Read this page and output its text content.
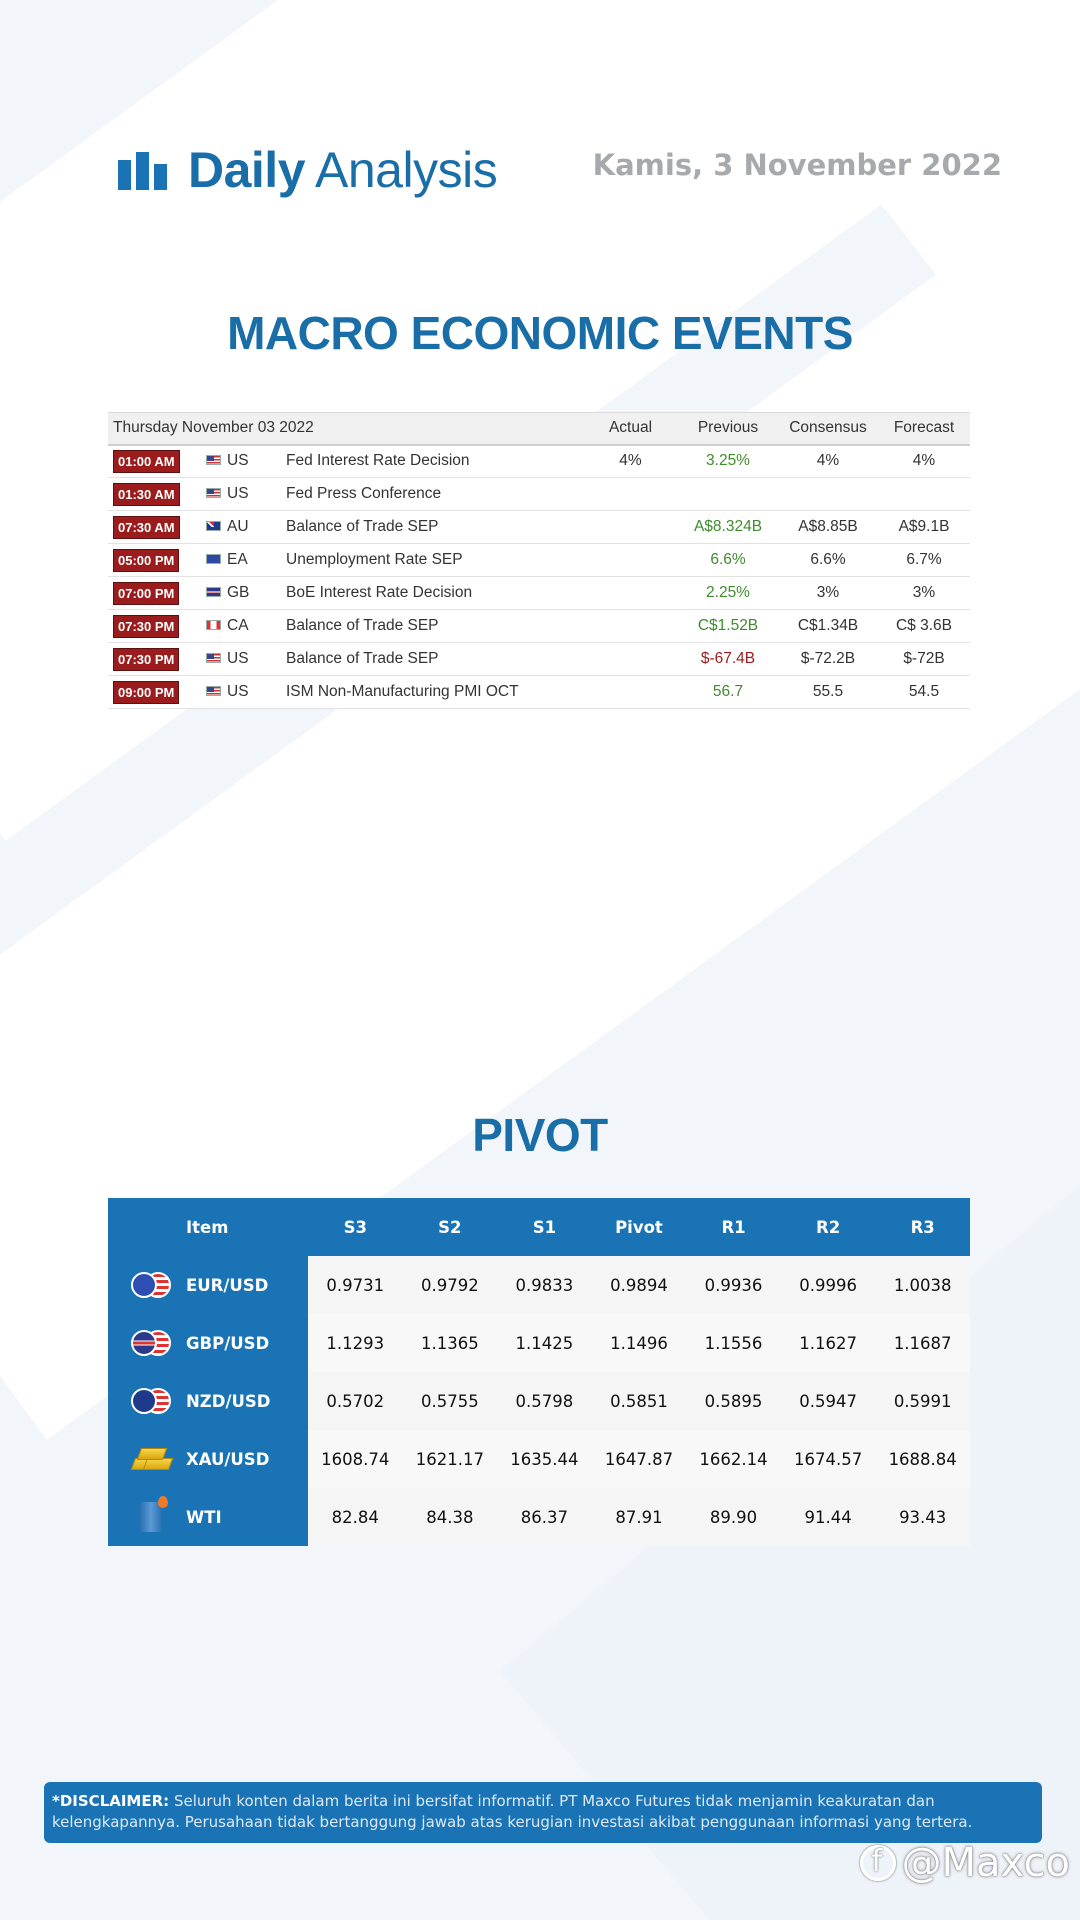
Daily Analysis	Kamis, 3 November 2022
MACRO ECONOMIC EVENTS
Thursday November 03 2022			Actual	Previous	Consensus	Forecast
01:00 AM	US	Fed Interest Rate Decision	4%	3.25%	4%	4%
01:30 AM	US	Fed Press Conference				
07:30 AM	AU	Balance of Trade SEP		A$8.324B	A$8.85B	A$9.1B
05:00 PM	EA	Unemployment Rate SEP		6.6%	6.6%	6.7%
07:00 PM	GB	BoE Interest Rate Decision		2.25%	3%	3%
07:30 PM	CA	Balance of Trade SEP		C$1.52B	C$1.34B	C$ 3.6B
07:30 PM	US	Balance of Trade SEP		$-67.4B	$-72.2B	$-72B
09:00 PM	US	ISM Non-Manufacturing PMI OCT		56.7	55.5	54.5
PIVOT
Item	S3	S2	S1	Pivot	R1	R2	R3

EUR/USD	0.9731	0.9792	0.9833	0.9894	0.9936	0.9996	1.0038

GBP/USD	1.1293	1.1365	1.1425	1.1496	1.1556	1.1627	1.1687

NZD/USD	0.5702	0.5755	0.5798	0.5851	0.5895	0.5947	0.5991

XAU/USD	1608.74	1621.17	1635.44	1647.87	1662.14	1674.57	1688.84

WTI	82.84	84.38	86.37	87.91	89.90	91.44	93.43
*DISCLAIMER: Seluruh konten dalam berita ini bersifat informatif. PT Maxco Futures tidak menjamin keakuratan dan kelengkapannya. Perusahaan tidak bertanggung jawab atas kerugian investasi akibat penggunaan informasi yang tertera.
f
@Maxco
